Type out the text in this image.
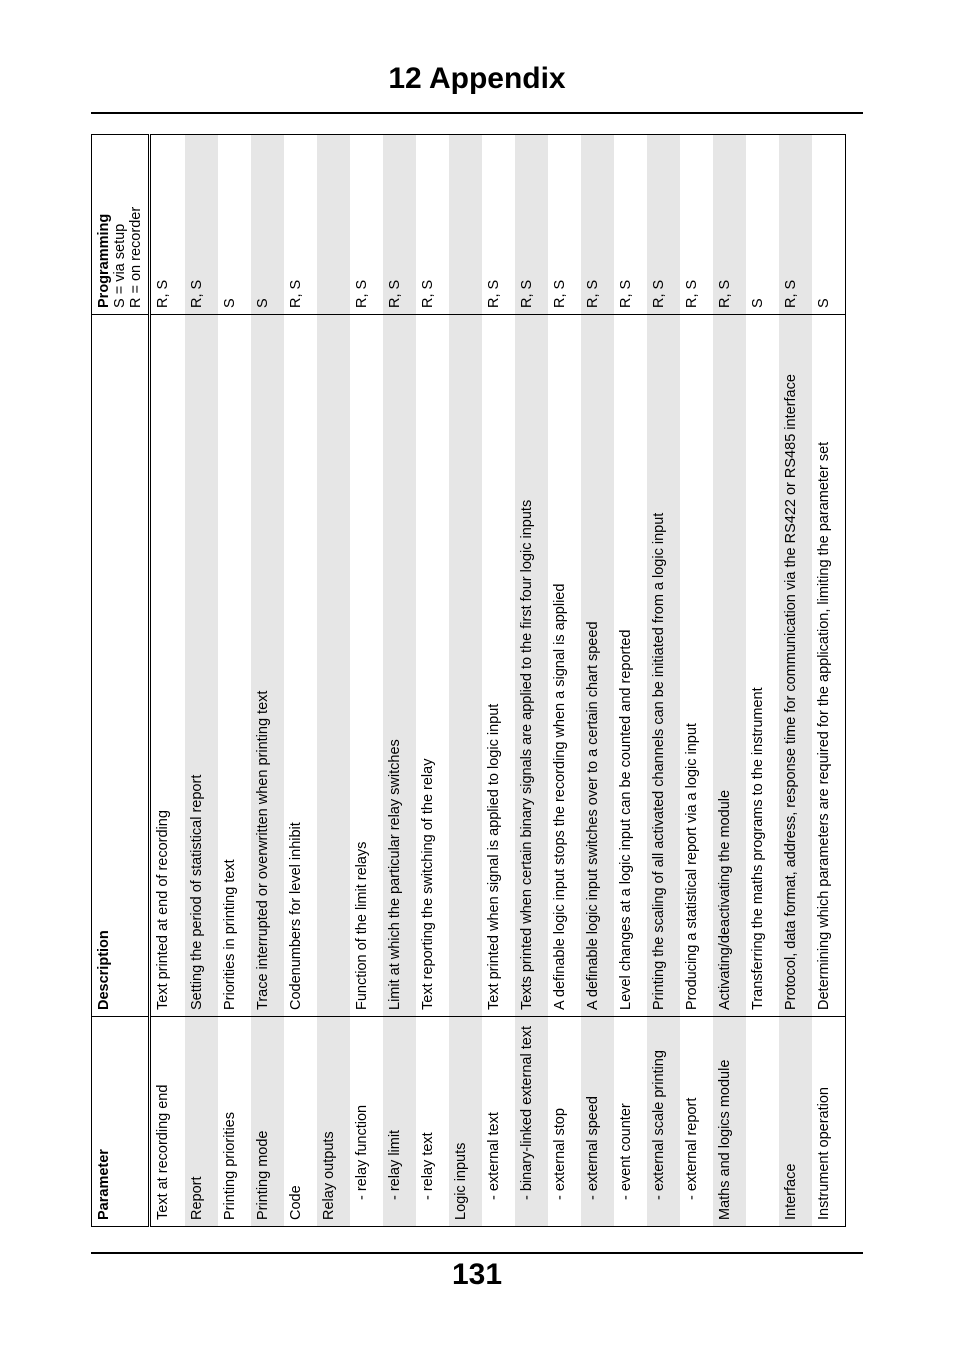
12 Appendix
Parameter	Description	Programming S = via setup R = on recorder

Text at recording end	Text printed at end of recording	R, S
Report	Setting the period of statistical report	R, S
Printing priorities	Priorities in printing text	S
Printing mode	Trace interrupted or overwritten when printing text	S
Code	Codenumbers for level inhibit	R, S
Relay outputs		
- relay function	Function of the limit relays	R, S
- relay limit	Limit at which the particular relay switches	R, S
- relay text	Text reporting the switching of the relay	R, S
Logic inputs		
- external text	Text printed when signal is applied to logic input	R, S
- binary-linked external text	Texts printed when certain binary signals are applied to the first four logic inputs	R, S
- external stop	A definable logic input stops the recording when a signal is applied	R, S
- external speed	A definable logic input switches over to a certain chart speed	R, S
- event counter	Level changes at a logic input can be counted and reported	R, S
- external scale printing	Printing the scaling of all activated channels can be initiated from a logic input	R, S
- external report	Producing a statistical report via a logic input	R, S
Maths and logics module	Activating/deactivating the module	R, S
	Transferring the maths programs to the instrument	S
Interface	Protocol, data format, address, response time for communication via the RS422 or RS485 interface	R, S
Instrument operation	Determining which parameters are required for the application, limiting the parameter set	S
131
